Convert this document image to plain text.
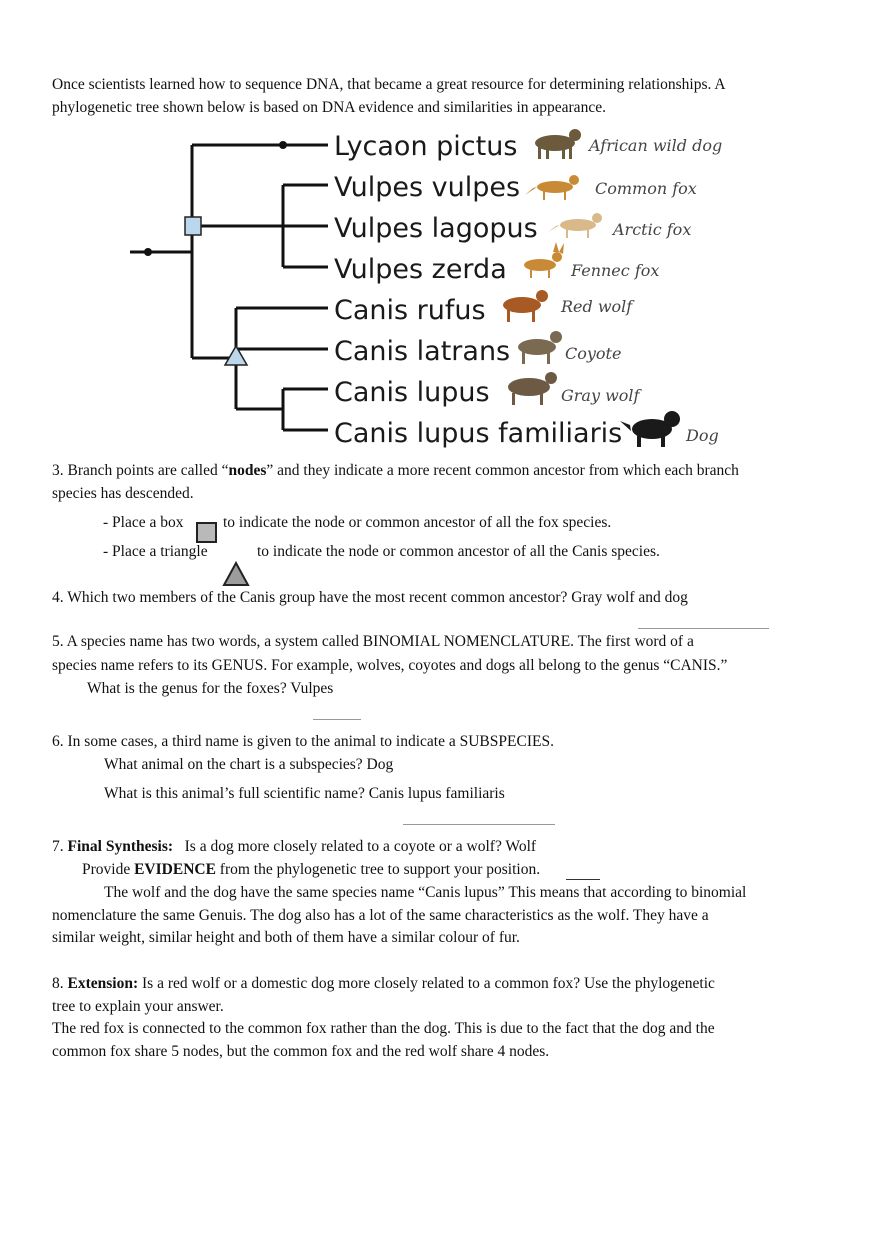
Once scientists learned how to sequence DNA, that became a great resource for determining relationships. A
phylogenetic tree shown below is based on DNA evidence and similarities in appearance.
Lycaon pictus
Vulpes vulpes
Vulpes lagopus
Vulpes zerda
Canis rufus
Canis latrans
Canis lupus
Canis lupus familiaris
African wild dog
Common fox
Arctic fox
Fennec fox
Red wolf
Coyote
Gray wolf
Dog
3. Branch points are called “nodes” and they indicate a more recent common ancestor from which each branch
species has descended.
- Place a box	to indicate the node or common ancestor of all the fox species.
- Place a triangle	to indicate the node or common ancestor of all the Canis species.
4. Which two members of the Canis group have the most recent common ancestor? Gray wolf and dog
5. A species name has two words, a system called BINOMIAL NOMENCLATURE. The first word of a
species name refers to its GENUS. For example, wolves, coyotes and dogs all belong to the genus “CANIS.”
What is the genus for the foxes? Vulpes
6. In some cases, a third name is given to the animal to indicate a SUBSPECIES.
What animal on the chart is a subspecies? Dog
What is this animal’s full scientific name? Canis lupus familiaris
7. Final Synthesis: Is a dog more closely related to a coyote or a wolf? Wolf
Provide EVIDENCE from the phylogenetic tree to support your position.
The wolf and the dog have the same species name “Canis lupus” This means that according to binomial
nomenclature the same Genuis. The dog also has a lot of the same characteristics as the wolf. They have a
similar weight, similar height and both of them have a similar colour of fur.
8. Extension: Is a red wolf or a domestic dog more closely related to a common fox? Use the phylogenetic
tree to explain your answer.
The red fox is connected to the common fox rather than the dog. This is due to the fact that the dog and the
common fox share 5 nodes, but the common fox and the red wolf share 4 nodes.
